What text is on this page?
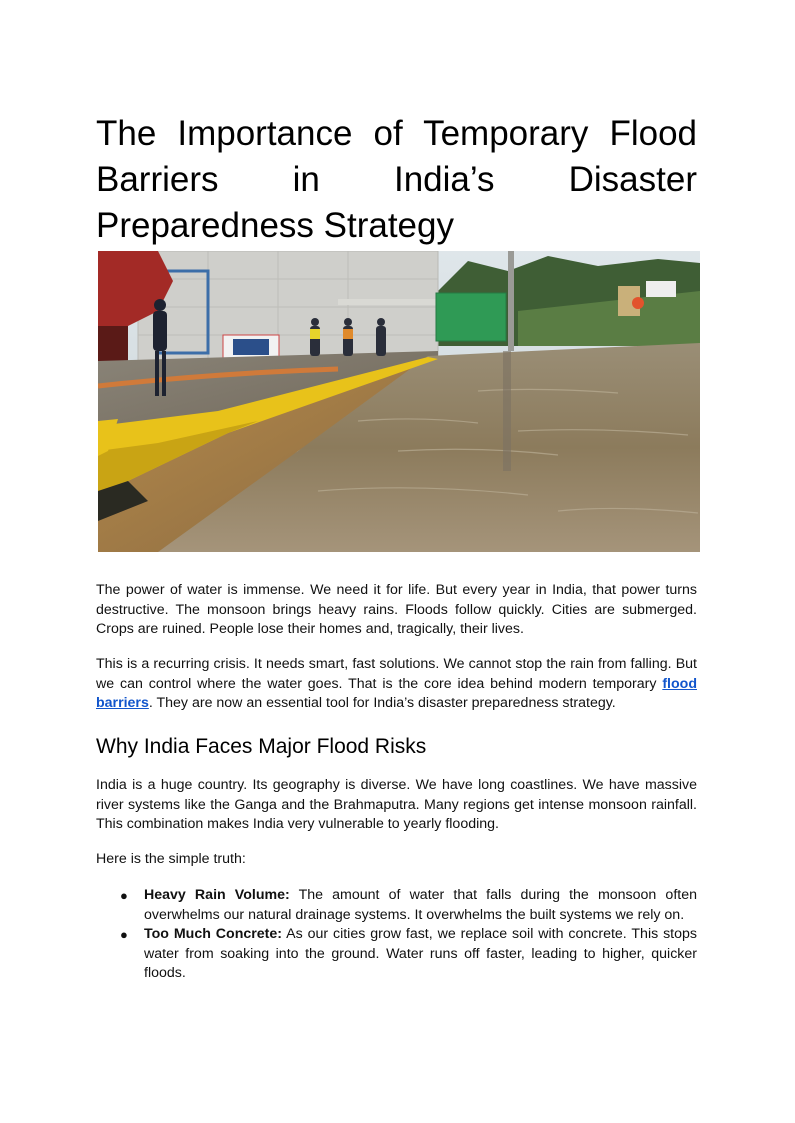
The Importance of Temporary Flood Barriers in India’s Disaster Preparedness Strategy

The power of water is immense. We need it for life. But every year in India, that power turns destructive. The monsoon brings heavy rains. Floods follow quickly. Cities are submerged. Crops are ruined. People lose their homes and, tragically, their lives.

This is a recurring crisis. It needs smart, fast solutions. We cannot stop the rain from falling. But we can control where the water goes. That is the core idea behind modern temporary flood barriers. They are now an essential tool for India’s disaster preparedness strategy.

Why India Faces Major Flood Risks

India is a huge country. Its geography is diverse. We have long coastlines. We have massive river systems like the Ganga and the Brahmaputra. Many regions get intense monsoon rainfall. This combination makes India very vulnerable to yearly flooding.

Here is the simple truth:

● Heavy Rain Volume: The amount of water that falls during the monsoon often overwhelms our natural drainage systems. It overwhelms the built systems we rely on.

● Too Much Concrete: As our cities grow fast, we replace soil with concrete. This stops water from soaking into the ground. Water runs off faster, leading to higher, quicker floods.
